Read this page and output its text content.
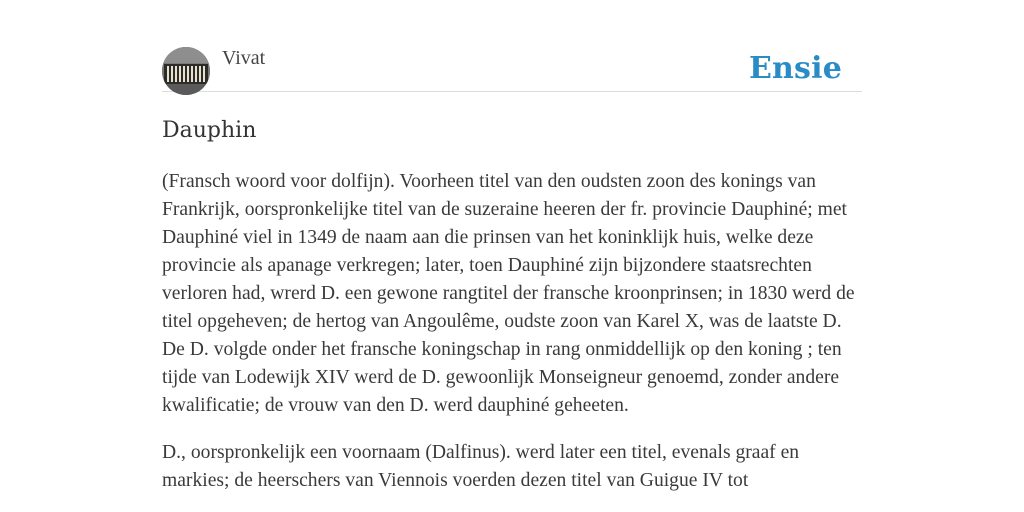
Vivat	Ensie
Dauphin

(Fransch woord voor dolfijn). Voorheen titel van den oudsten zoon des konings van Frankrijk, oorspronkelijke titel van de suzeraine heeren der fr. provincie Dauphiné; met Dauphiné viel in 1349 de naam aan die prinsen van het koninklijk huis, welke deze provincie als apanage verkregen; later, toen Dauphiné zijn bijzondere staatsrechten verloren had, wrerd D. een gewone rangtitel der fransche kroonprinsen; in 1830 werd de titel opgeheven; de hertog van Angoulême, oudste zoon van Karel X, was de laatste D. De D. volgde onder het fransche koningschap in rang onmiddellijk op den koning ; ten tijde van Lodewijk XIV werd de D. gewoonlijk Monseigneur genoemd, zonder andere kwalificatie; de vrouw van den D. werd dauphiné geheeten.

D., oorspronkelijk een voornaam (Dalfinus). werd later een titel, evenals graaf en markies; de heerschers van Viennois voerden dezen titel van Guigue IV tot
